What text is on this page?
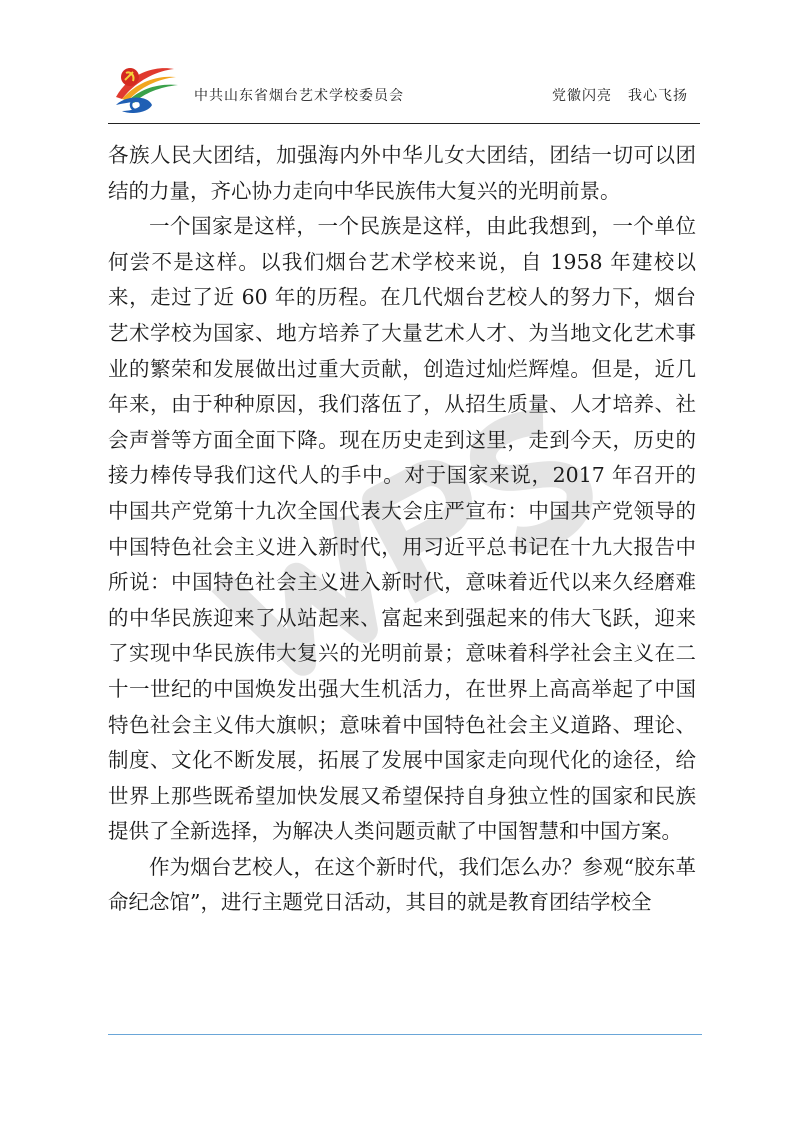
中共山东省烟台艺术学校委员会	党徽闪亮 我心飞扬

各族人民大团结，加强海内外中华儿女大团结，团结一切可以团结的力量，齐心协力走向中华民族伟大复兴的光明前景。

一个国家是这样，一个民族是这样，由此我想到，一个单位何尝不是这样。以我们烟台艺术学校来说，自 1958 年建校以来，走过了近 60 年的历程。在几代烟台艺校人的努力下，烟台艺术学校为国家、地方培养了大量艺术人才、为当地文化艺术事业的繁荣和发展做出过重大贡献，创造过灿烂辉煌。但是，近几年来，由于种种原因，我们落伍了，从招生质量、人才培养、社会声誉等方面全面下降。现在历史走到这里，走到今天，历史的接力棒传导我们这代人的手中。对于国家来说，2017 年召开的中国共产党第十九次全国代表大会庄严宣布：中国共产党领导的中国特色社会主义进入新时代，用习近平总书记在十九大报告中所说：中国特色社会主义进入新时代，意味着近代以来久经磨难的中华民族迎来了从站起来、富起来到强起来的伟大飞跃，迎来了实现中华民族伟大复兴的光明前景；意味着科学社会主义在二十一世纪的中国焕发出强大生机活力，在世界上高高举起了中国特色社会主义伟大旗帜；意味着中国特色社会主义道路、理论、制度、文化不断发展，拓展了发展中国家走向现代化的途径，给世界上那些既希望加快发展又希望保持自身独立性的国家和民族提供了全新选择，为解决人类问题贡献了中国智慧和中国方案。

作为烟台艺校人，在这个新时代，我们怎么办？参观“胶东革命纪念馆”，进行主题党日活动，其目的就是教育团结学校全
